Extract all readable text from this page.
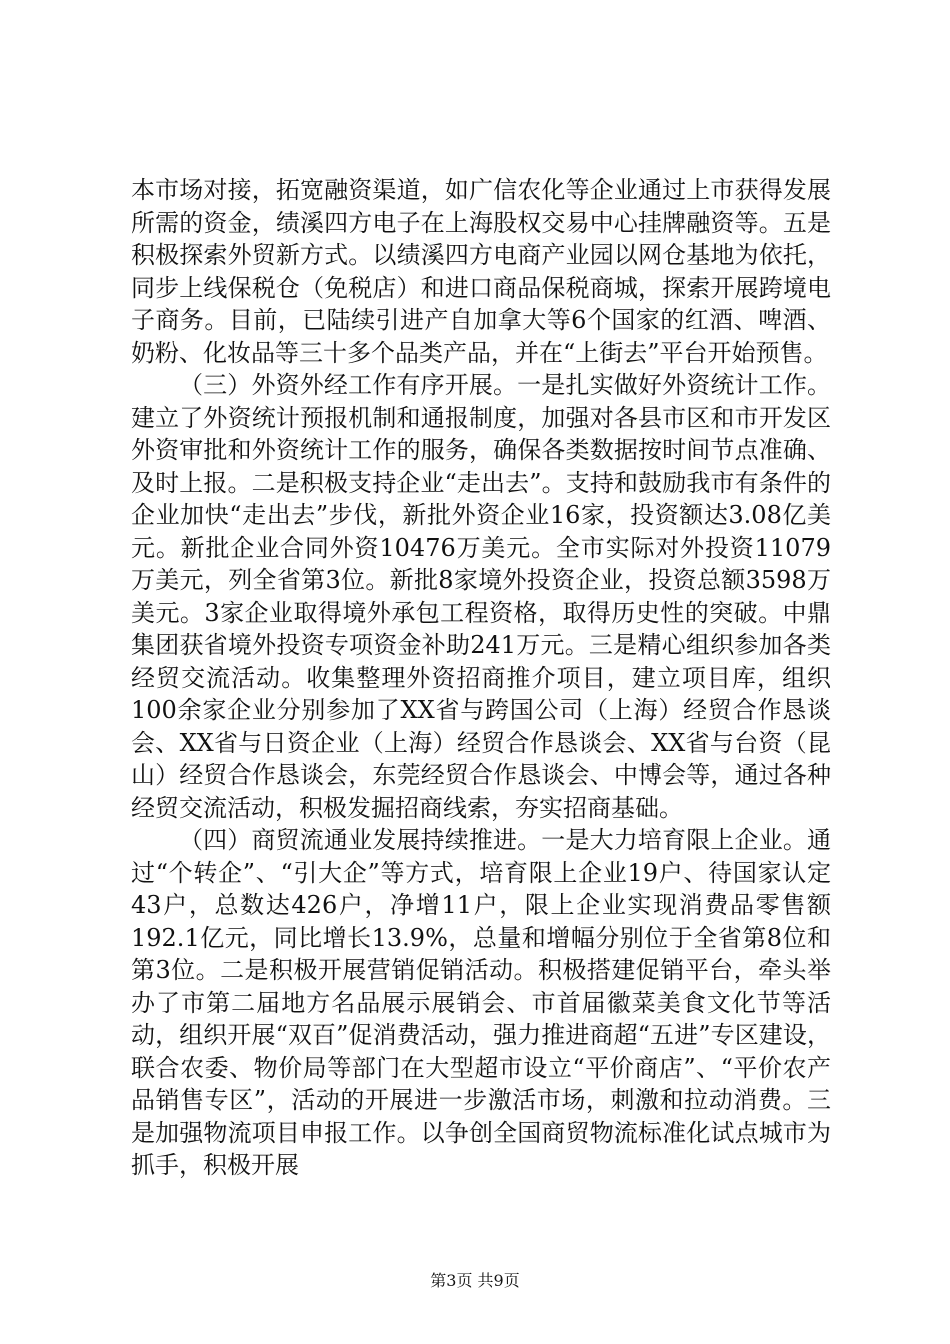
本市场对接，拓宽融资渠道，如广信农化等企业通过上市获得发展所需的资金，绩溪四方电子在上海股权交易中心挂牌融资等。五是积极探索外贸新方式。以绩溪四方电商产业园以网仓基地为依托，同步上线保税仓（免税店）和进口商品保税商城，探索开展跨境电子商务。目前，已陆续引进产自加拿大等6个国家的红酒、啤酒、奶粉、化妆品等三十多个品类产品，并在“上街去”平台开始预售。

（三）外资外经工作有序开展。一是扎实做好外资统计工作。建立了外资统计预报机制和通报制度，加强对各县市区和市开发区外资审批和外资统计工作的服务，确保各类数据按时间节点准确、及时上报。二是积极支持企业“走出去”。支持和鼓励我市有条件的企业加快“走出去”步伐，新批外资企业16家，投资额达3.08亿美元。新批企业合同外资10476万美元。全市实际对外投资11079万美元，列全省第3位。新批8家境外投资企业，投资总额3598万美元。3家企业取得境外承包工程资格，取得历史性的突破。中鼎集团获省境外投资专项资金补助241万元。三是精心组织参加各类经贸交流活动。收集整理外资招商推介项目，建立项目库，组织100余家企业分别参加了XX省与跨国公司（上海）经贸合作恳谈会、XX省与日资企业（上海）经贸合作恳谈会、XX省与台资（昆山）经贸合作恳谈会，东莞经贸合作恳谈会、中博会等，通过各种经贸交流活动，积极发掘招商线索，夯实招商基础。

（四）商贸流通业发展持续推进。一是大力培育限上企业。通过“个转企”、“引大企”等方式，培育限上企业19户、待国家认定43户，总数达426户，净增11户，限上企业实现消费品零售额192.1亿元，同比增长13.9%，总量和增幅分别位于全省第8位和第3位。二是积极开展营销促销活动。积极搭建促销平台，牵头举办了市第二届地方名品展示展销会、市首届徽菜美食文化节等活动，组织开展“双百”促消费活动，强力推进商超“五进”专区建设，联合农委、物价局等部门在大型超市设立“平价商店”、“平价农产品销售专区”，活动的开展进一步激活市场，刺激和拉动消费。三是加强物流项目申报工作。以争创全国商贸物流标准化试点城市为抓手，积极开展

第3页 共9页
